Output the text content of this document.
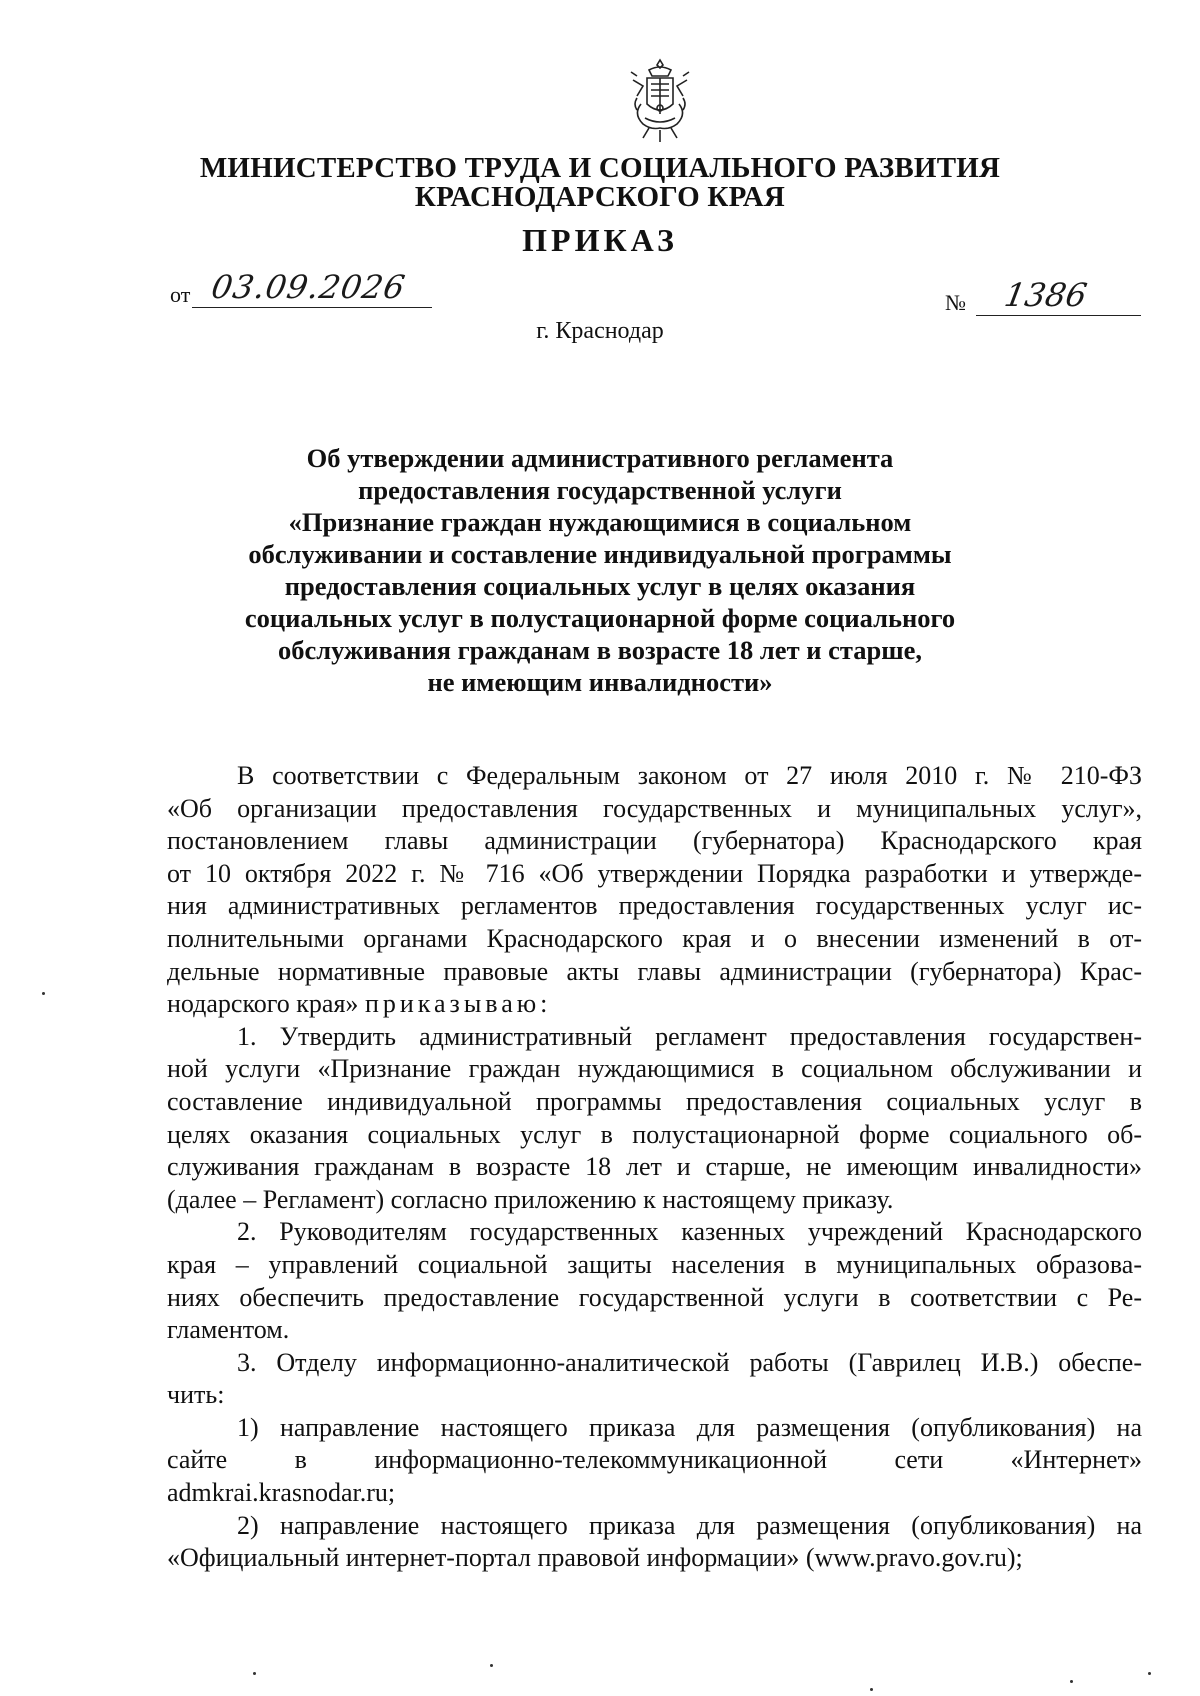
МИНИСТЕРСТВО ТРУДА И СОЦИАЛЬНОГО РАЗВИТИЯ
КРАСНОДАРСКОГО КРАЯ
ПРИКАЗ
от 03.09.2026	№ 1386
г. Краснодар
Об утверждении административного регламента
предоставления государственной услуги
«Признание граждан нуждающимися в социальном
обслуживании и составление индивидуальной программы
предоставления социальных услуг в целях оказания
социальных услуг в полустационарной форме социального
обслуживания гражданам в возрасте 18 лет и старше,
не имеющим инвалидности»
В соответствии с Федеральным законом от 27 июля 2010 г. № 210-ФЗ
«Об организации предоставления государственных и муниципальных услуг»,
постановлением главы администрации (губернатора) Краснодарского края
от 10 октября 2022 г. № 716 «Об утверждении Порядка разработки и утвержде-
ния административных регламентов предоставления государственных услуг ис-
полнительными органами Краснодарского края и о внесении изменений в от-
дельные нормативные правовые акты главы администрации (губернатора) Крас-
нодарского края» приказываю:
1. Утвердить административный регламент предоставления государствен-
ной услуги «Признание граждан нуждающимися в социальном обслуживании и
составление индивидуальной программы предоставления социальных услуг в
целях оказания социальных услуг в полустационарной форме социального об-
служивания гражданам в возрасте 18 лет и старше, не имеющим инвалидности»
(далее – Регламент) согласно приложению к настоящему приказу.
2. Руководителям государственных казенных учреждений Краснодарского
края – управлений социальной защиты населения в муниципальных образова-
ниях обеспечить предоставление государственной услуги в соответствии с Ре-
гламентом.
3. Отделу информационно-аналитической работы (Гаврилец И.В.) обеспе-
чить:
1) направление настоящего приказа для размещения (опубликования) на
сайте	в	информационно-телекоммуникационной	сети	«Интернет»
admkrai.krasnodar.ru;
2) направление настоящего приказа для размещения (опубликования) на
«Официальный интернет-портал правовой информации» (www.pravo.gov.ru);
